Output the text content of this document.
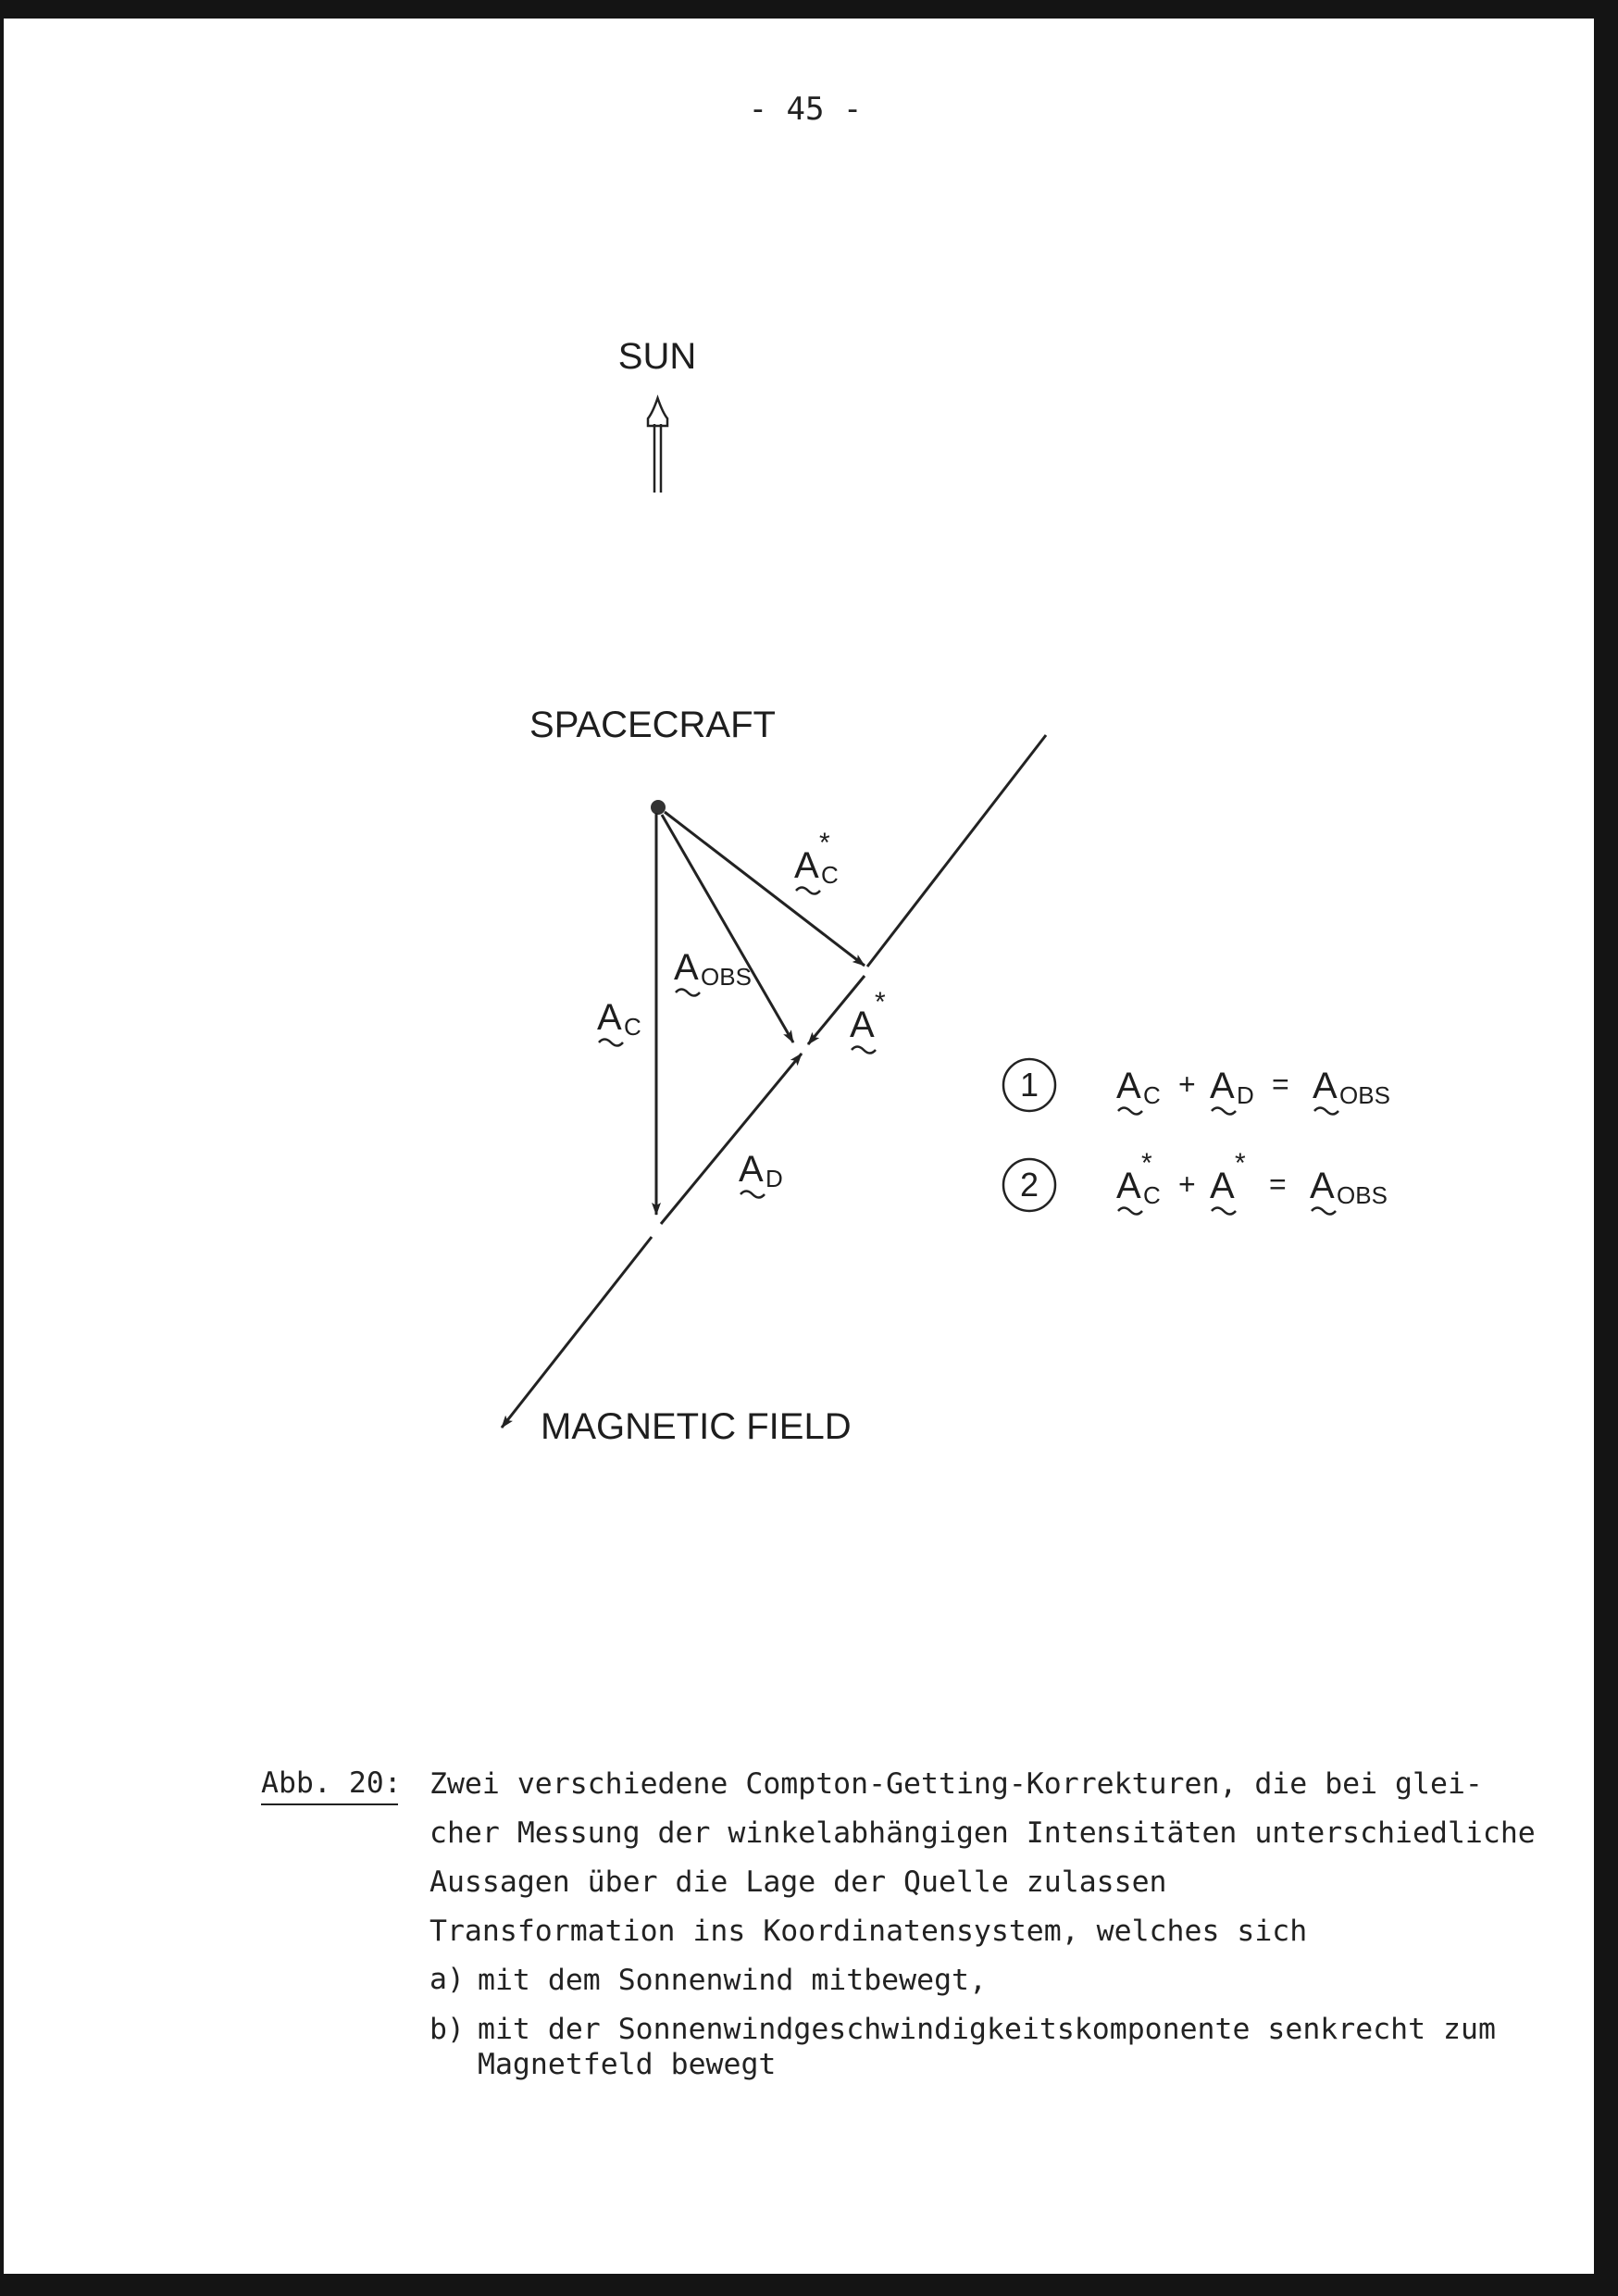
- 45 -
SUN
SPACECRAFT
MAGNETIC FIELD
A C
A OBS
A C
*
A
*
A D
1 A C + A D = A OBS
2 A C
*
+ A
*
= A OBS
Abb. 20: Zwei verschiedene Compton-Getting-Korrekturen, die bei glei-
cher Messung der winkelabhängigen Intensitäten unterschiedliche
Aussagen über die Lage der Quelle zulassen
Transformation ins Koordinatensystem, welches sich
a) mit dem Sonnenwind mitbewegt,
b) mit der Sonnenwindgeschwindigkeitskomponente senkrecht zum Magnetfeld bewegt
